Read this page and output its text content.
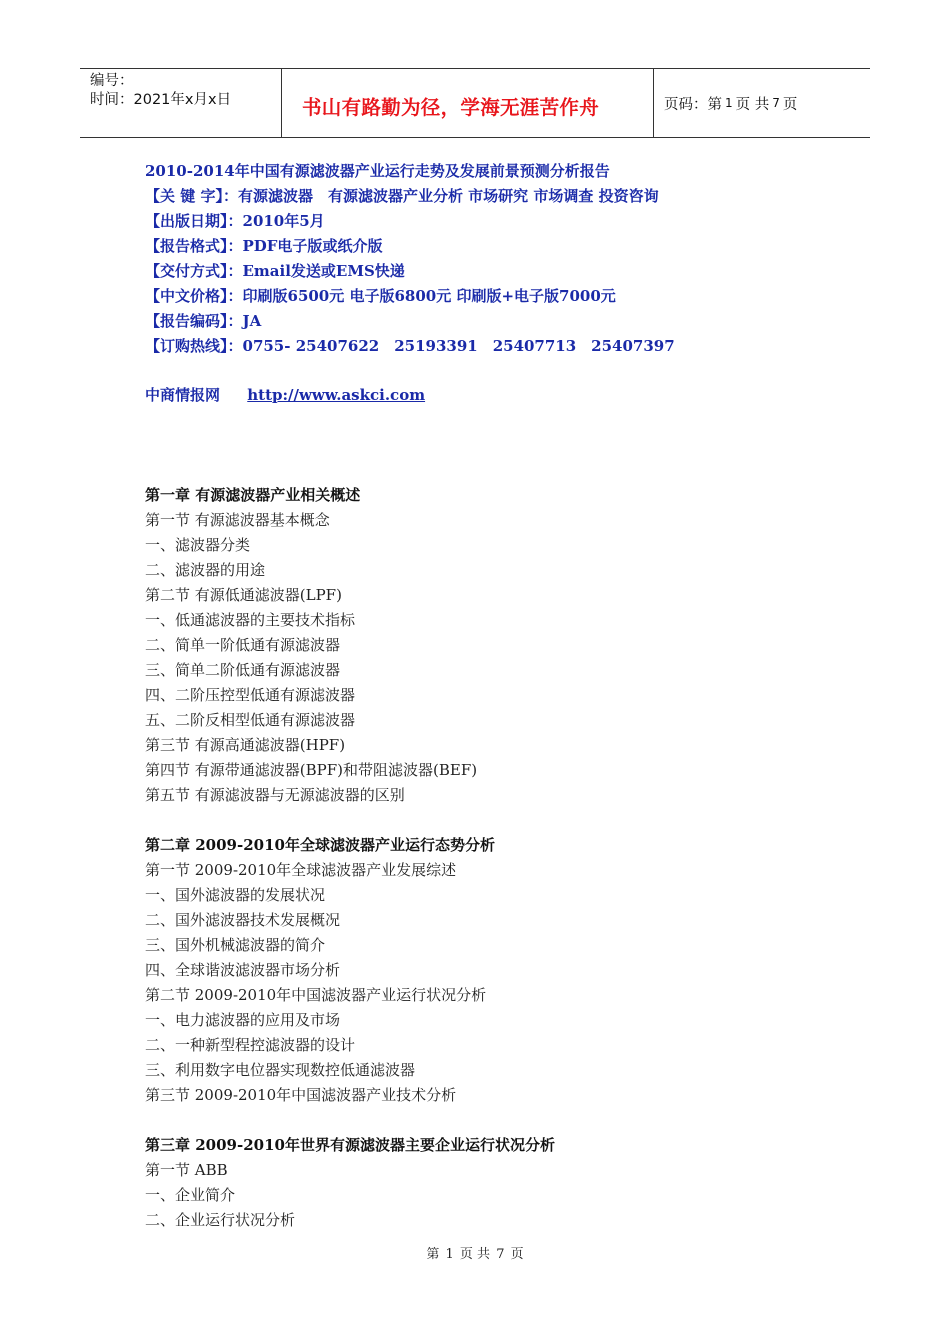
编号：
时间：2021年x月x日	书山有路勤为径，学海无涯苦作舟	页码：第 1 页 共 7 页
2010-2014年中国有源滤波器产业运行走势及发展前景预测分析报告
【关 键 字】：有源滤波器　有源滤波器产业分析 市场研究 市场调查 投资咨询
【出版日期】：2010年5月
【报告格式】：PDF电子版或纸介版
【交付方式】：Email发送或EMS快递
【中文价格】：印刷版6500元 电子版6800元 印刷版+电子版7000元
【报告编码】：JA
【订购热线】：0755- 25407622　25193391　25407713　25407397
中商情报网 http://www.askci.com
第一章 有源滤波器产业相关概述
第一节 有源滤波器基本概念
一、滤波器分类
二、滤波器的用途
第二节 有源低通滤波器(LPF)
一、低通滤波器的主要技术指标
二、简单一阶低通有源滤波器
三、简单二阶低通有源滤波器
四、二阶压控型低通有源滤波器
五、二阶反相型低通有源滤波器
第三节 有源高通滤波器(HPF)
第四节 有源带通滤波器(BPF)和带阻滤波器(BEF)
第五节 有源滤波器与无源滤波器的区别
第二章 2009-2010年全球滤波器产业运行态势分析
第一节 2009-2010年全球滤波器产业发展综述
一、国外滤波器的发展状况
二、国外滤波器技术发展概况
三、国外机械滤波器的简介
四、全球谐波滤波器市场分析
第二节 2009-2010年中国滤波器产业运行状况分析
一、电力滤波器的应用及市场
二、一种新型程控滤波器的设计
三、利用数字电位器实现数控低通滤波器
第三节 2009-2010年中国滤波器产业技术分析
第三章 2009-2010年世界有源滤波器主要企业运行状况分析
第一节 ABB
一、企业简介
二、企业运行状况分析
第 1 页 共 7 页
